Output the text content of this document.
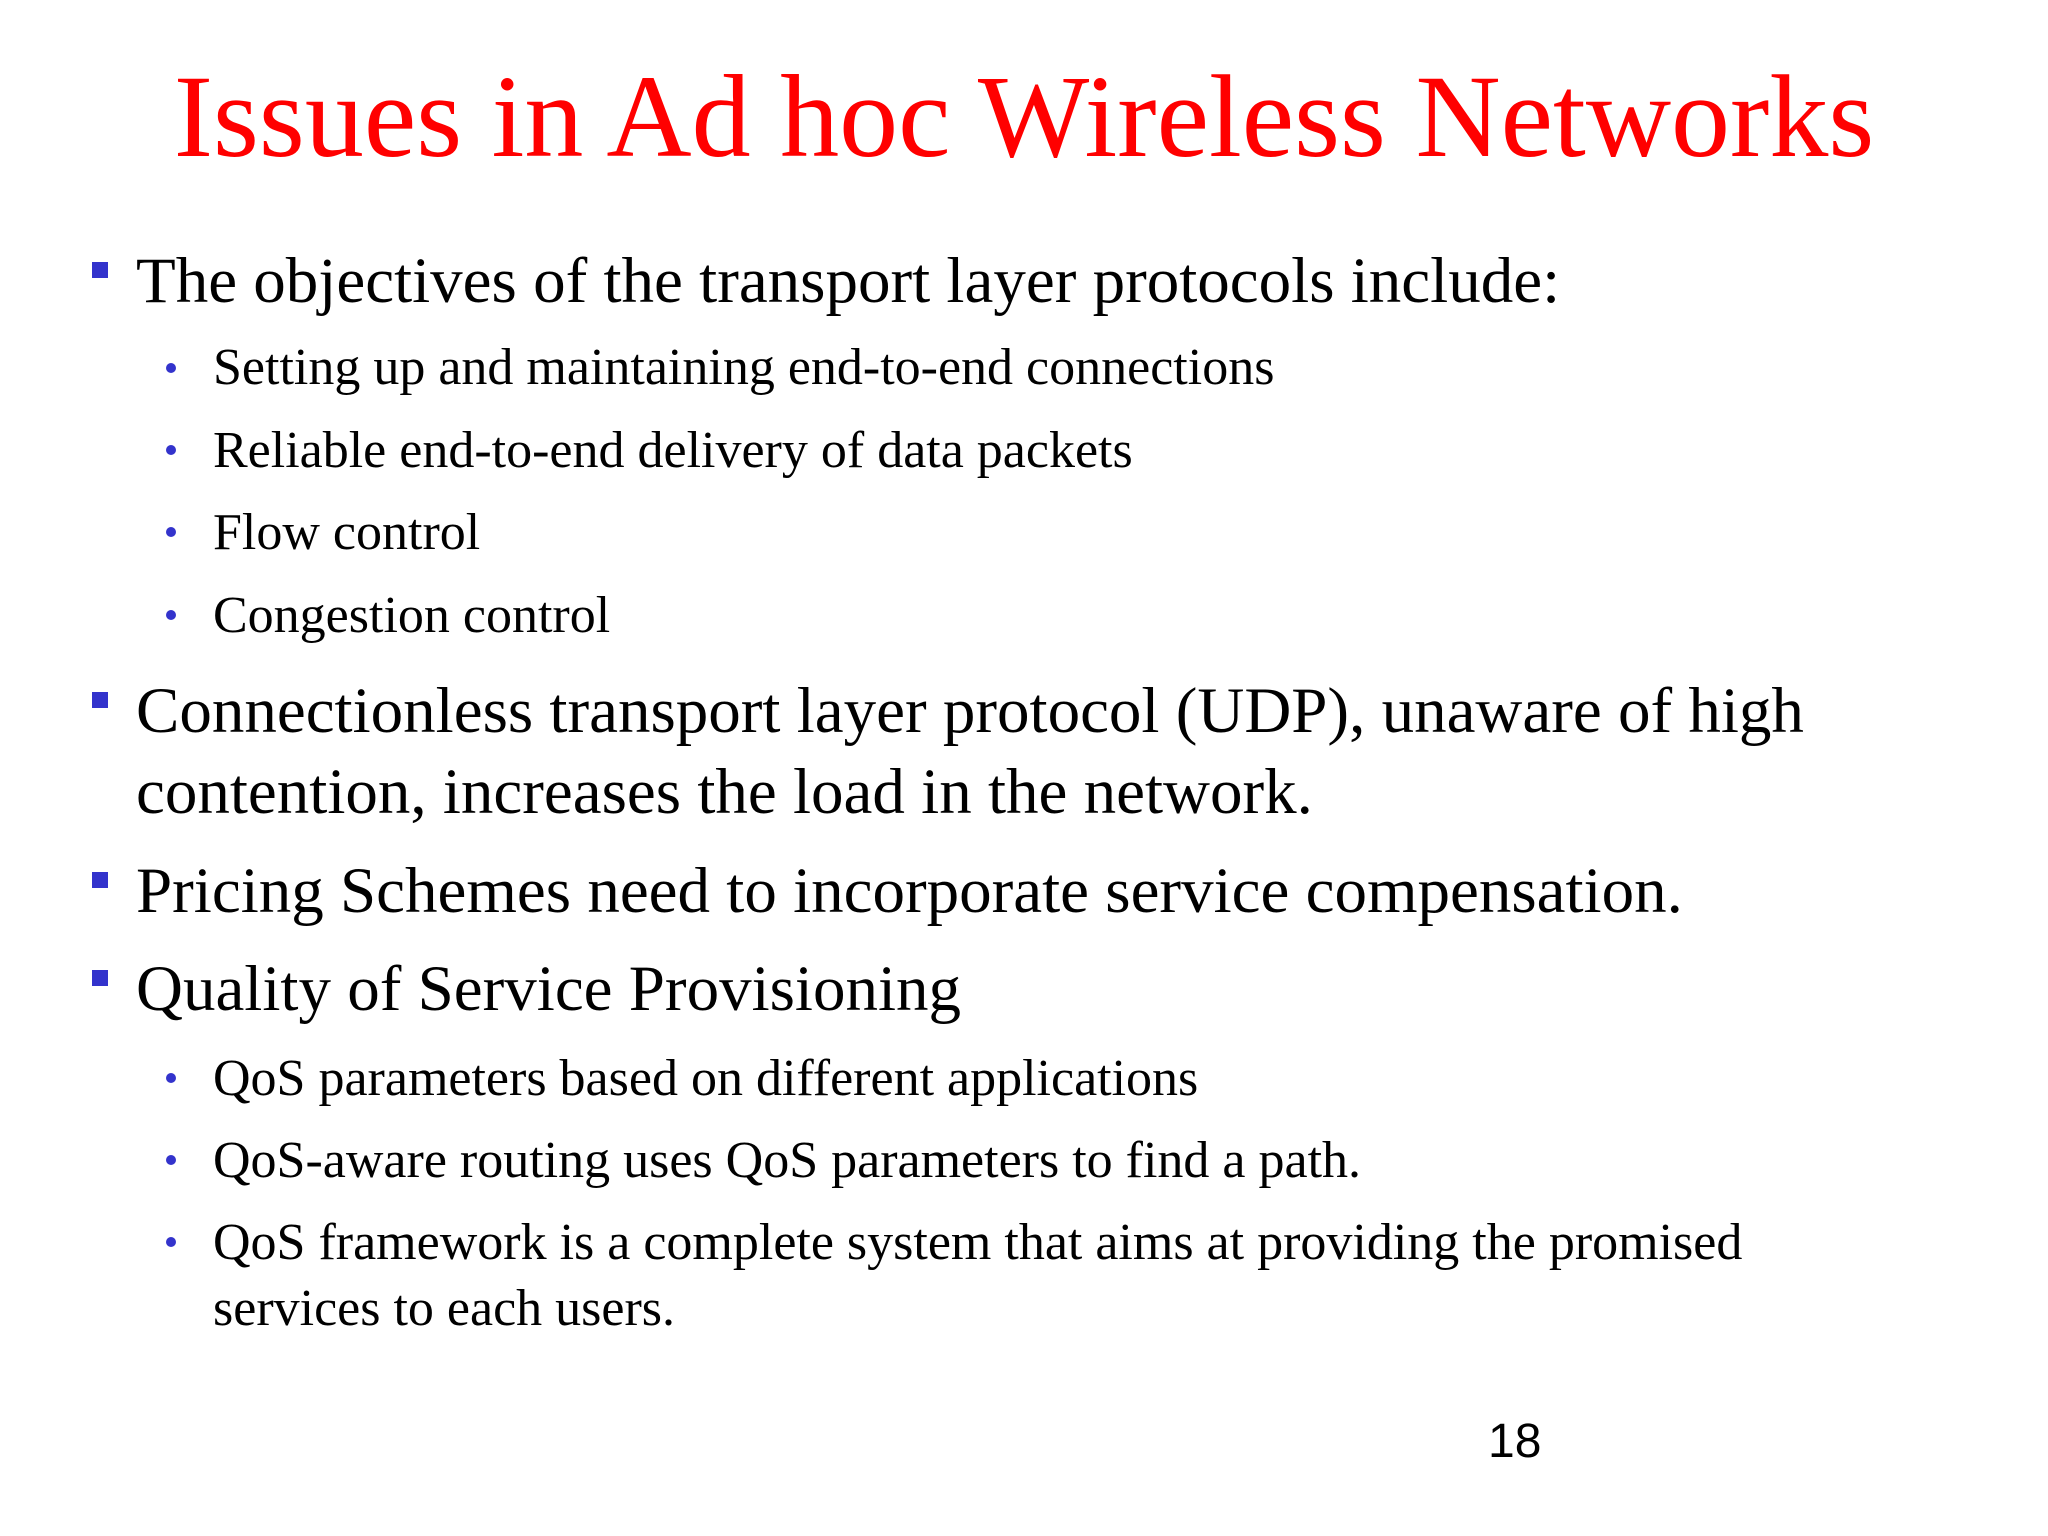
Issues in Ad hoc Wireless Networks
The objectives of the transport layer protocols include:
Setting up and maintaining end-to-end connections
Reliable end-to-end delivery of data packets
Flow control
Congestion control
Connectionless transport layer protocol (UDP), unaware of high
contention, increases the load in the network.
Pricing Schemes need to incorporate service compensation.
Quality of Service Provisioning
QoS parameters based on different applications
QoS-aware routing uses QoS parameters to find a path.
QoS framework is a complete system that aims at providing the promised
services to each users.
18
